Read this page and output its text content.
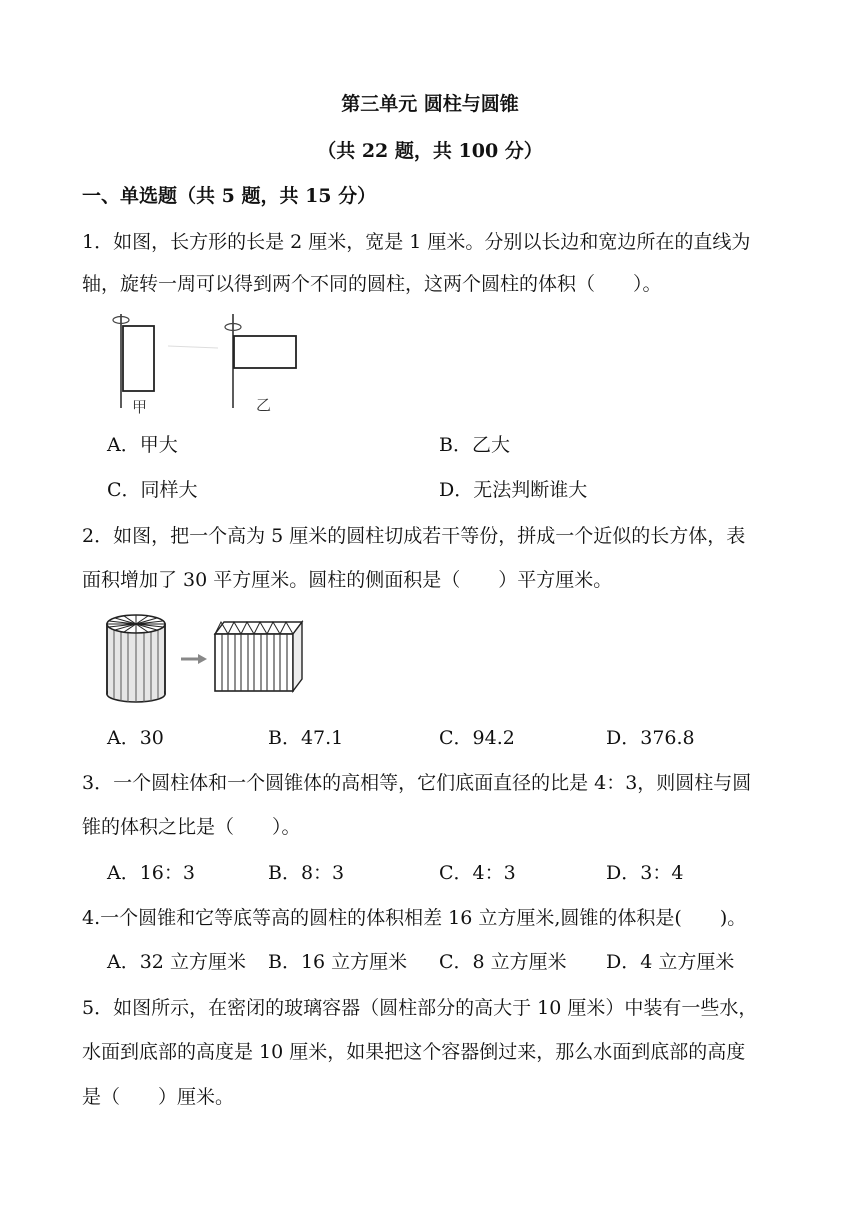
第三单元 圆柱与圆锥
（共 22 题，共 100 分）
一、单选题（共 5 题，共 15 分）
1．如图，长方形的长是 2 厘米，宽是 1 厘米。分别以长边和宽边所在的直线为
轴，旋转一周可以得到两个不同的圆柱，这两个圆柱的体积（　　）。
甲	乙
A．甲大	B．乙大
C．同样大	D．无法判断谁大
2．如图，把一个高为 5 厘米的圆柱切成若干等份，拼成一个近似的长方体，表
面积增加了 30 平方厘米。圆柱的侧面积是（　　）平方厘米。
A．30	B．47.1	C．94.2	D．376.8
3．一个圆柱体和一个圆锥体的高相等，它们底面直径的比是 4：3，则圆柱与圆
锥的体积之比是（　　）。
A．16：3	B．8：3	C．4：3	D．3：4
4.一个圆锥和它等底等高的圆柱的体积相差 16 立方厘米,圆锥的体积是(　　)。
A．32 立方厘米 B．16 立方厘米 C．8 立方厘米 D．4 立方厘米
5．如图所示，在密闭的玻璃容器（圆柱部分的高大于 10 厘米）中装有一些水，
水面到底部的高度是 10 厘米，如果把这个容器倒过来，那么水面到底部的高度
是（　　）厘米。
